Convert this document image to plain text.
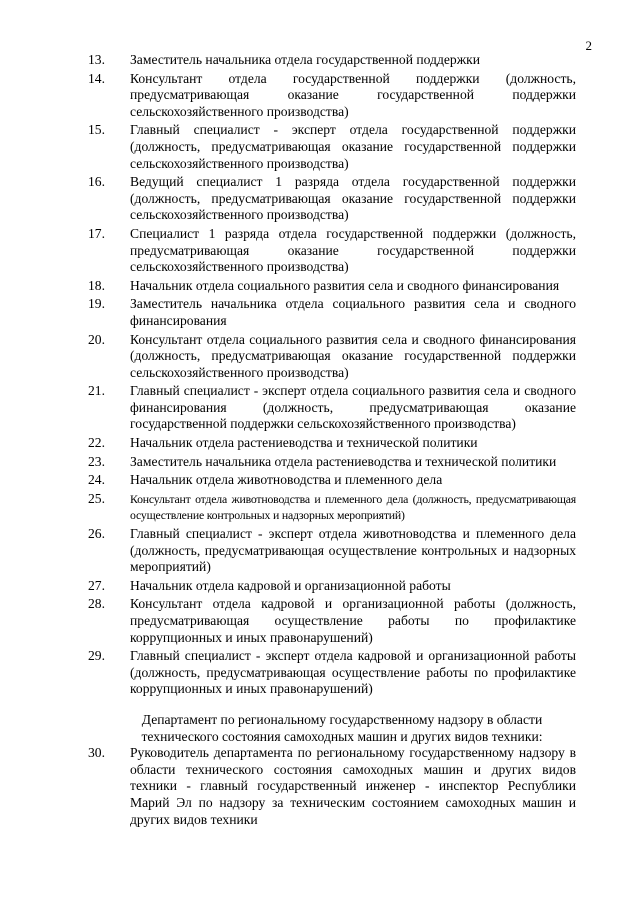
2
13.	Заместитель начальника отдела государственной поддержки
14.	Консультант отдела государственной поддержки (должность, предусматривающая оказание государственной поддержки сельскохозяйственного производства)
15.	Главный специалист - эксперт отдела государственной поддержки (должность, предусматривающая оказание государственной поддержки сельскохозяйственного производства)
16.	Ведущий специалист 1 разряда отдела государственной поддержки (должность, предусматривающая оказание государственной поддержки сельскохозяйственного производства)
17.	Специалист 1 разряда отдела государственной поддержки (должность, предусматривающая оказание государственной поддержки сельскохозяйственного производства)
18.	Начальник отдела социального развития села и сводного финансирования
19.	Заместитель начальника отдела социального развития села и сводного финансирования
20.	Консультант отдела социального развития села и сводного финансирования (должность, предусматривающая оказание государственной поддержки сельскохозяйственного производства)
21.	Главный специалист - эксперт отдела социального развития села и сводного финансирования (должность, предусматривающая оказание государственной поддержки сельскохозяйственного производства)
22.	Начальник отдела растениеводства и технической политики
23.	Заместитель начальника отдела растениеводства и технической политики
24.	Начальник отдела животноводства и племенного дела
25.	Консультант отдела животноводства и племенного дела (должность, предусматривающая осуществление контрольных и надзорных мероприятий)
26.	Главный специалист - эксперт отдела животноводства и племенного дела (должность, предусматривающая осуществление контрольных и надзорных мероприятий)
27.	Начальник отдела кадровой и организационной работы
28.	Консультант отдела кадровой и организационной работы (должность, предусматривающая осуществление работы по профилактике коррупционных и иных правонарушений)
29.	Главный специалист - эксперт отдела кадровой и организационной работы (должность, предусматривающая осуществление работы по профилактике коррупционных и иных правонарушений)
Департамент по региональному государственному надзору в области технического состояния самоходных машин и других видов техники:
30.	Руководитель департамента по региональному государственному надзору в области технического состояния самоходных машин и других видов техники - главный государственный инженер - инспектор Республики Марий Эл по надзору за техническим состоянием самоходных машин и других видов техники
